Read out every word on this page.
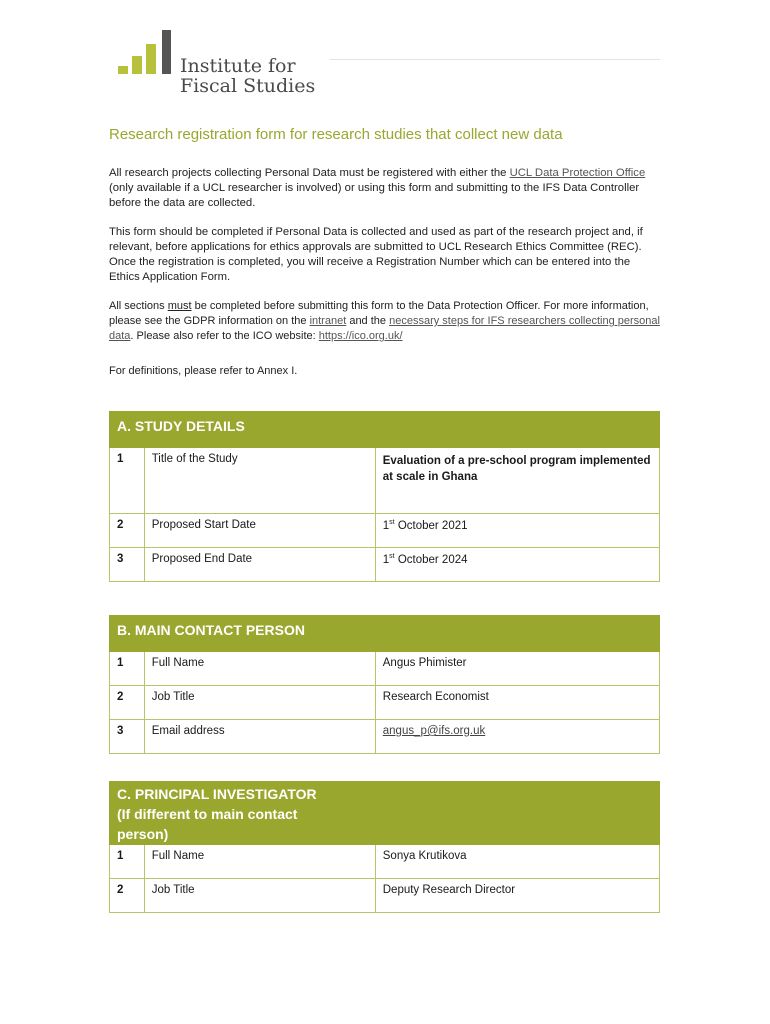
Institute for
Fiscal Studies
Research registration form for research studies that collect new data

All research projects collecting Personal Data must be registered with either the UCL Data Protection Office (only available if a UCL researcher is involved) or using this form and submitting to the IFS Data Controller before the data are collected.

This form should be completed if Personal Data is collected and used as part of the research project and, if relevant, before applications for ethics approvals are submitted to UCL Research Ethics Committee (REC). Once the registration is completed, you will receive a Registration Number which can be entered into the Ethics Application Form.

All sections must be completed before submitting this form to the Data Protection Officer. For more information, please see the GDPR information on the intranet and the necessary steps for IFS researchers collecting personal data. Please also refer to the ICO website: https://ico.org.uk/

For definitions, please refer to Annex I.

A. STUDY DETAILS		
1	Title of the Study	Evaluation of a pre-school program implemented at scale in Ghana
2	Proposed Start Date	1st October 2021
3	Proposed End Date	1st October 2024
B. MAIN CONTACT PERSON		
1	Full Name	Angus Phimister
2	Job Title	Research Economist
3	Email address	angus_p@ifs.org.uk
C. PRINCIPAL INVESTIGATOR
(If different to main contact
person)		

1	Full Name	Sonya Krutikova
2	Job Title	Deputy Research Director
